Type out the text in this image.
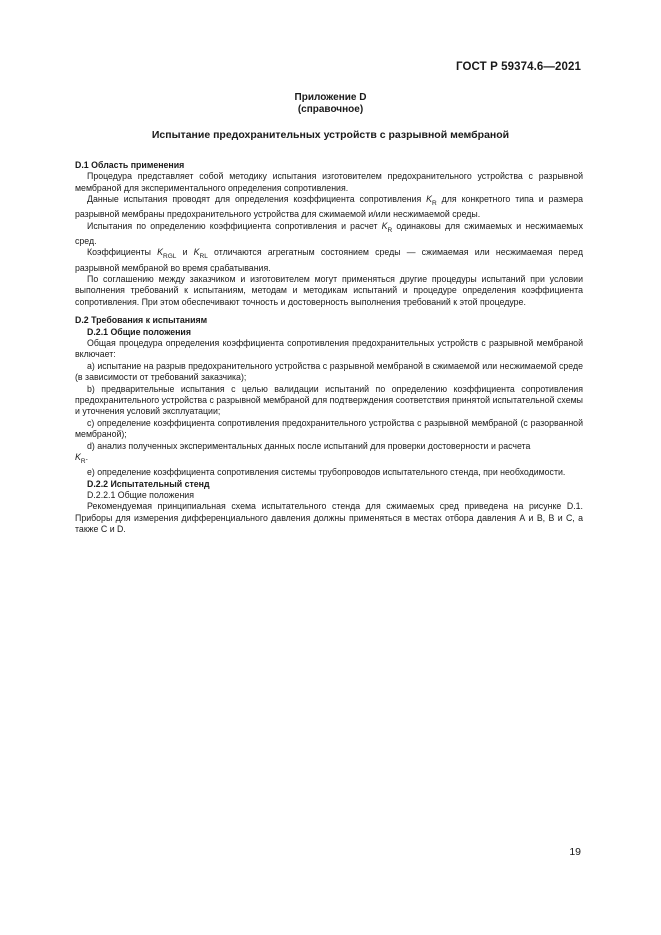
ГОСТ Р 59374.6—2021
Приложение D
(справочное)
Испытание предохранительных устройств с разрывной мембраной

D.1 Область применения

Процедура представляет собой методику испытания изготовителем предохранительного устройства с разрывной мембраной для экспериментального определения сопротивления.

Данные испытания проводят для определения коэффициента сопротивления $K_R$ для конкретного типа и размера разрывной мембраны предохранительного устройства для сжимаемой и/или несжимаемой среды.

Испытания по определению коэффициента сопротивления и расчет $K_R$ одинаковы для сжимаемых и несжимаемых сред.

Коэффициенты $K_{RGL}$ и $K_{RL}$ отличаются агрегатным состоянием среды — сжимаемая или несжимаемая перед разрывной мембраной во время срабатывания.

По соглашению между заказчиком и изготовителем могут применяться другие процедуры испытаний при условии выполнения требований к испытаниям, методам и методикам испытаний и процедуре определения коэффициента сопротивления. При этом обеспечивают точность и достоверность выполнения требований к этой процедуре.

D.2 Требования к испытаниям

D.2.1 Общие положения

Общая процедура определения коэффициента сопротивления предохранительных устройств с разрывной мембраной включает:

а) испытание на разрыв предохранительного устройства с разрывной мембраной в сжимаемой или несжимаемой среде (в зависимости от требований заказчика);

b) предварительные испытания с целью валидации испытаний по определению коэффициента сопротивления предохранительного устройства с разрывной мембраной для подтверждения соответствия принятой испытательной схемы и уточнения условий эксплуатации;

c) определение коэффициента сопротивления предохранительного устройства с разрывной мембраной (с разорванной мембраной);

d) анализ полученных экспериментальных данных после испытаний для проверки достоверности и расчета
$K_R$.

e) определение коэффициента сопротивления системы трубопроводов испытательного стенда, при необходимости.

D.2.2 Испытательный стенд

D.2.2.1 Общие положения

Рекомендуемая принципиальная схема испытательного стенда для сжимаемых сред приведена на рисунке D.1. Приборы для измерения дифференциального давления должны применяться в местах отбора давления А и В, В и С, а также С и D.

19
